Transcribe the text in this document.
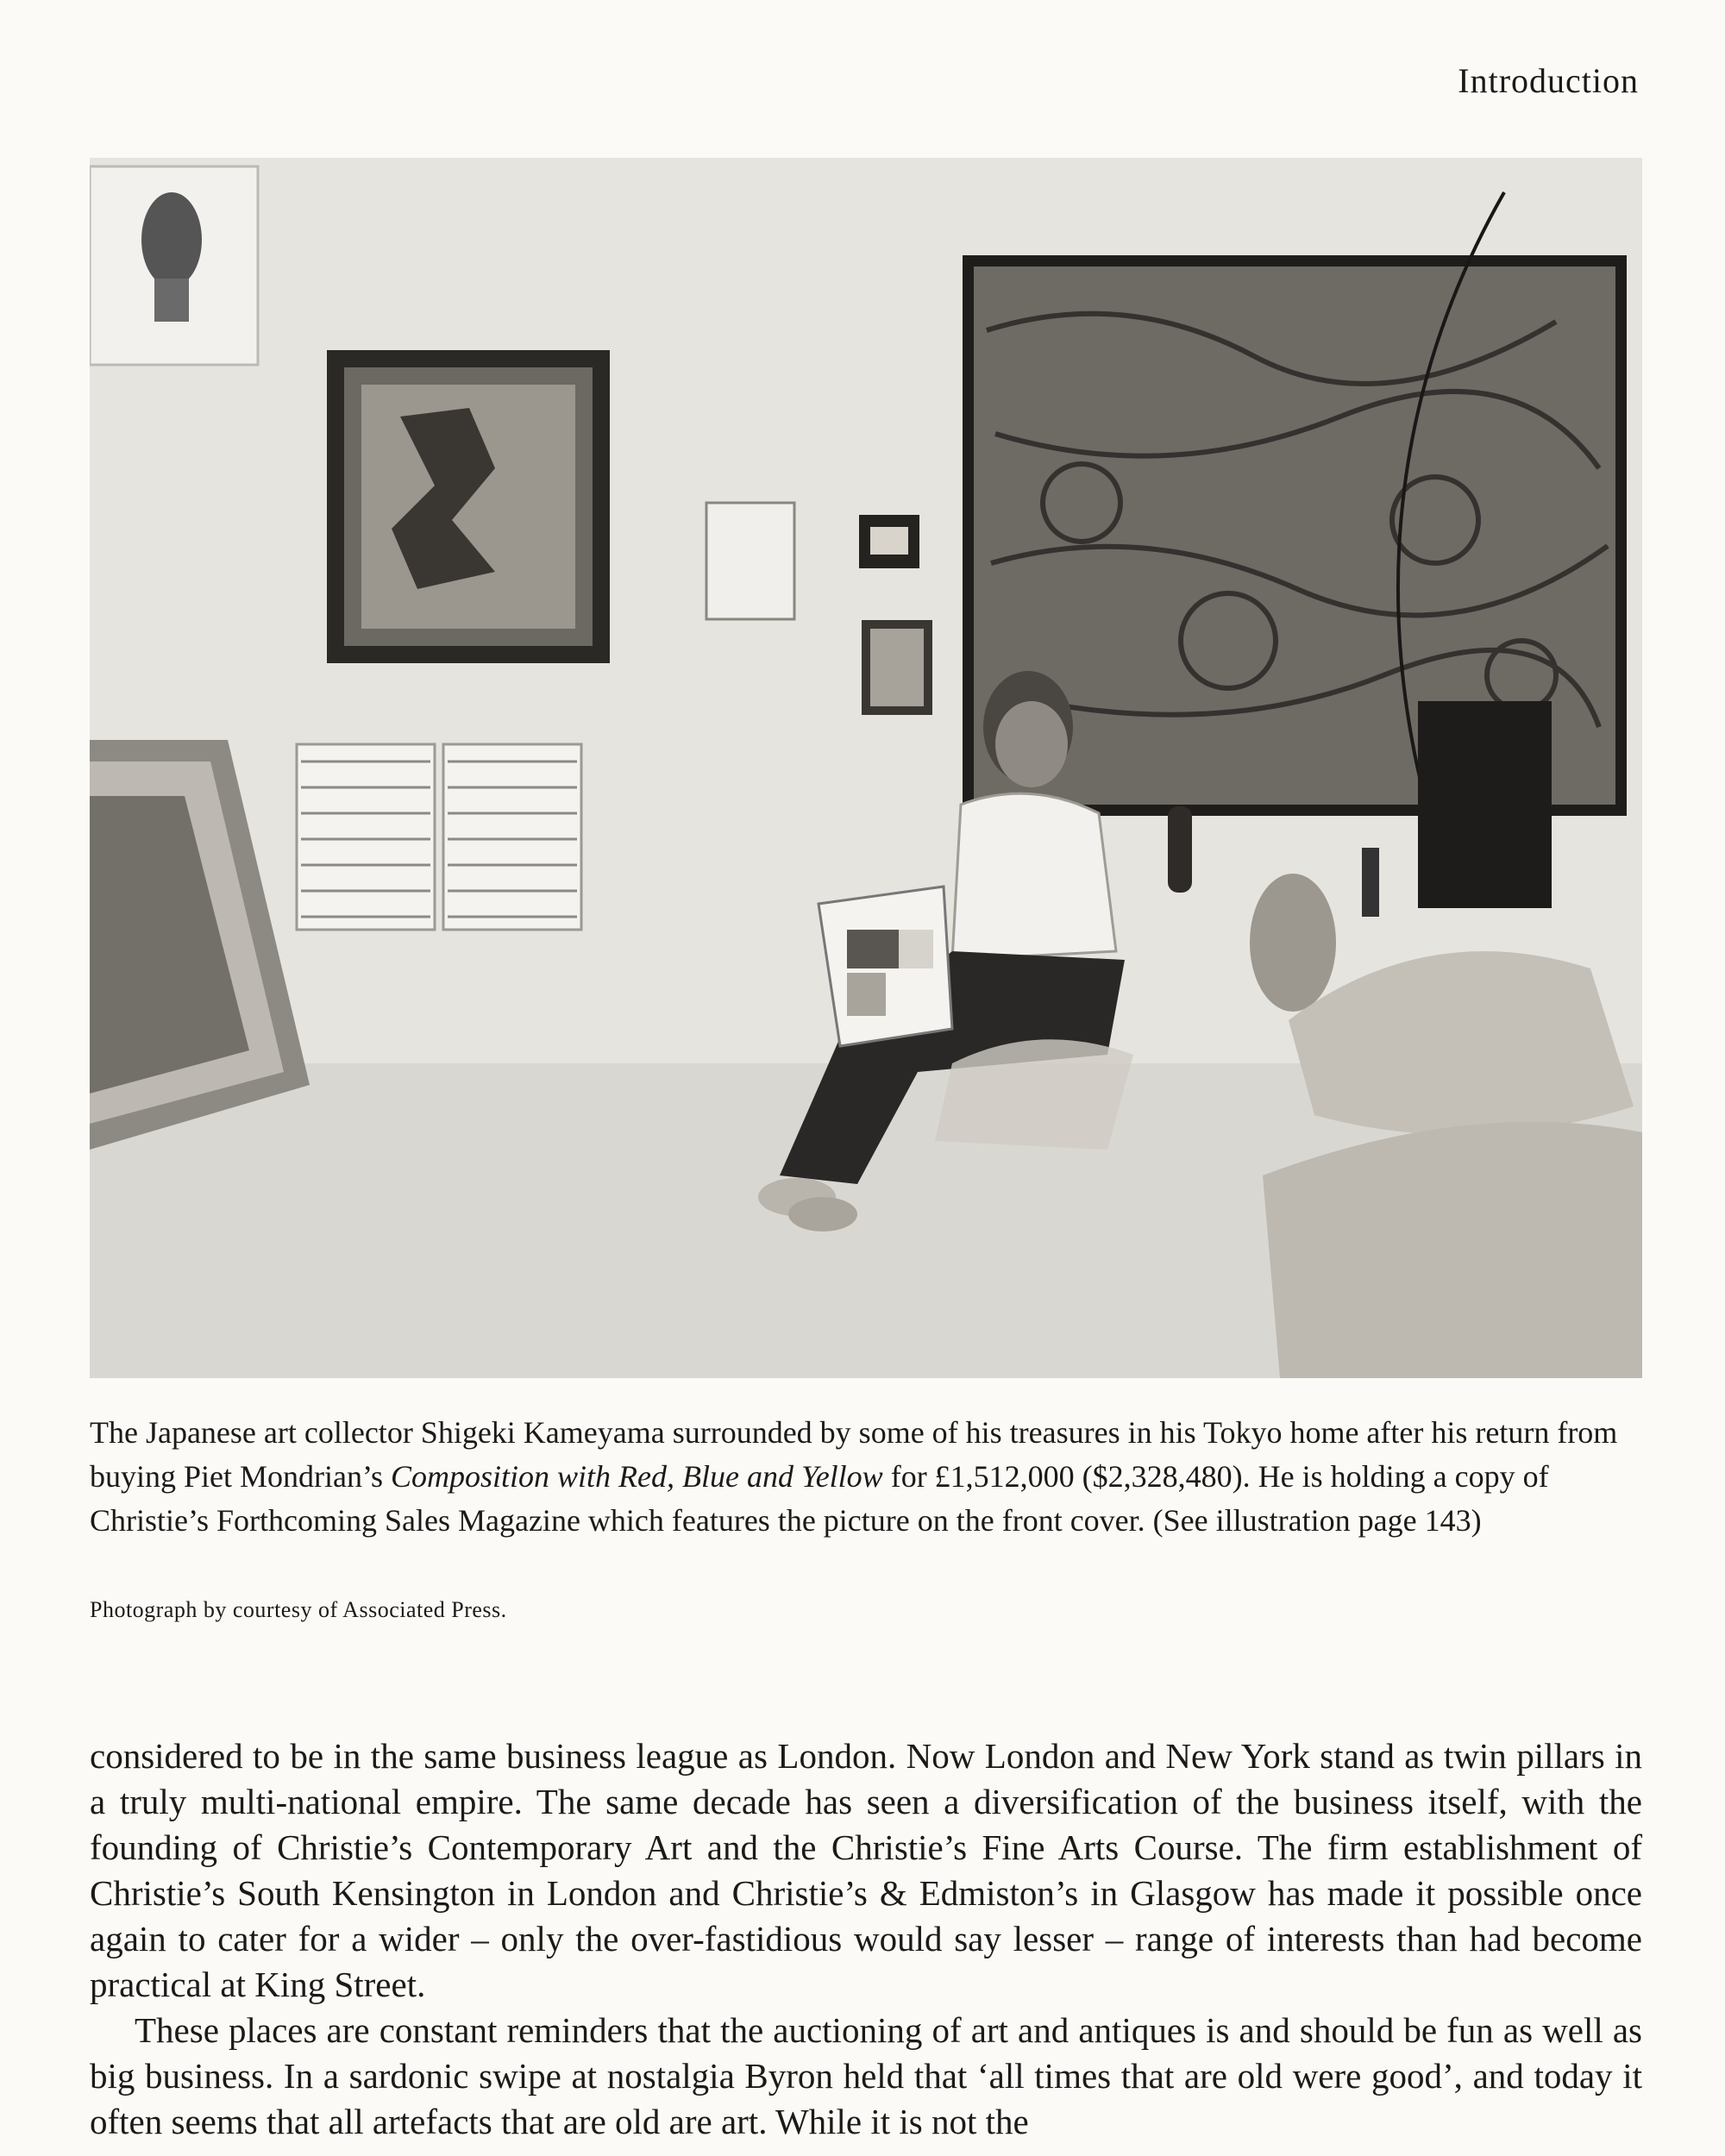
Introduction

The Japanese art collector Shigeki Kameyama surrounded by some of his treasures in his Tokyo home after his return from buying Piet Mondrian’s Composition with Red, Blue and Yellow for £1,512,000 ($2,328,480). He is holding a copy of Christie’s Forthcoming Sales Magazine which features the picture on the front cover. (See illustration page 143)

Photograph by courtesy of Associated Press.

considered to be in the same business league as London. Now London and New York stand as twin pillars in a truly multi-national empire. The same decade has seen a diversification of the business itself, with the founding of Christie’s Contemporary Art and the Christie’s Fine Arts Course. The firm establishment of Christie’s South Kensington in London and Christie’s & Edmiston’s in Glasgow has made it possible once again to cater for a wider – only the over-fastidious would say lesser – range of interests than had become practical at King Street.

These places are constant reminders that the auctioning of art and antiques is and should be fun as well as big business. In a sardonic swipe at nostalgia Byron held that ‘all times that are old were good’, and today it often seems that all artefacts that are old are art. While it is not the
